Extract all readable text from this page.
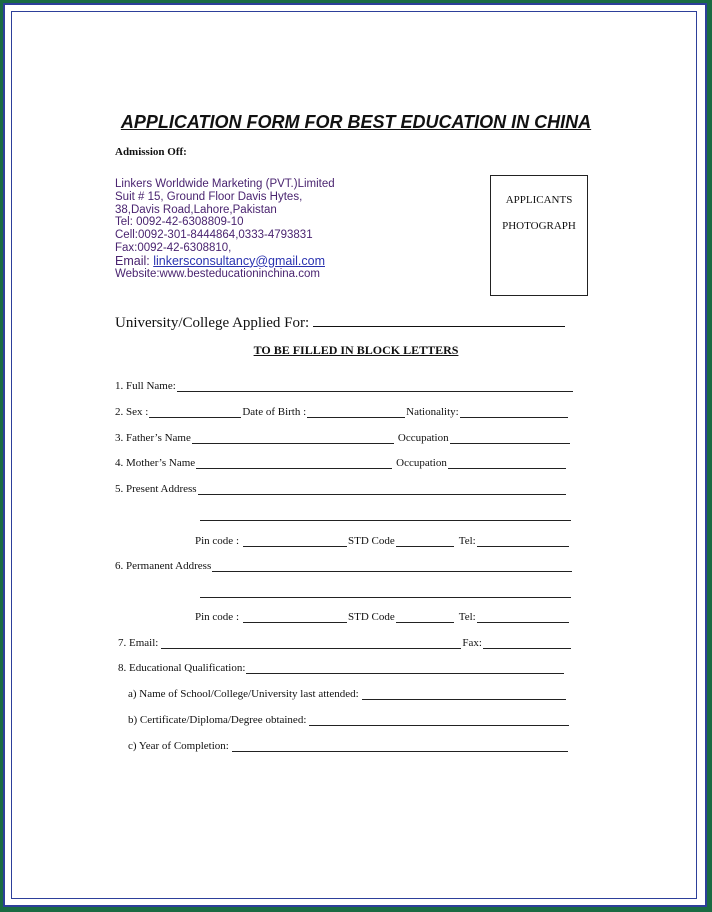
APPLICATION FORM FOR BEST EDUCATION IN CHINA
Admission Off:
Linkers Worldwide Marketing (PVT.)Limited
Suit # 15, Ground Floor Davis Hytes,
38,Davis Road,Lahore,Pakistan
Tel: 0092-42-6308809-10
Cell:0092-301-8444864,0333-4793831
Fax:0092-42-6308810,
Email: linkersconsultancy@gmail.com
Website:www.besteducationinchina.com
APPLICANTS
PHOTOGRAPH
University/College Applied For:
TO BE FILLED IN BLOCK LETTERS
1. Full Name:
2. Sex :	Date of Birth :	Nationality:
3. Father’s Name	Occupation
4. Mother’s Name	Occupation
5. Present Address
Pin code :	STD Code	Tel:
6. Permanent Address
Pin code :	STD Code	Tel:
7. Email:	Fax:
8. Educational Qualification:
a) Name of School/College/University last attended:
b) Certificate/Diploma/Degree obtained:
c) Year of Completion:
